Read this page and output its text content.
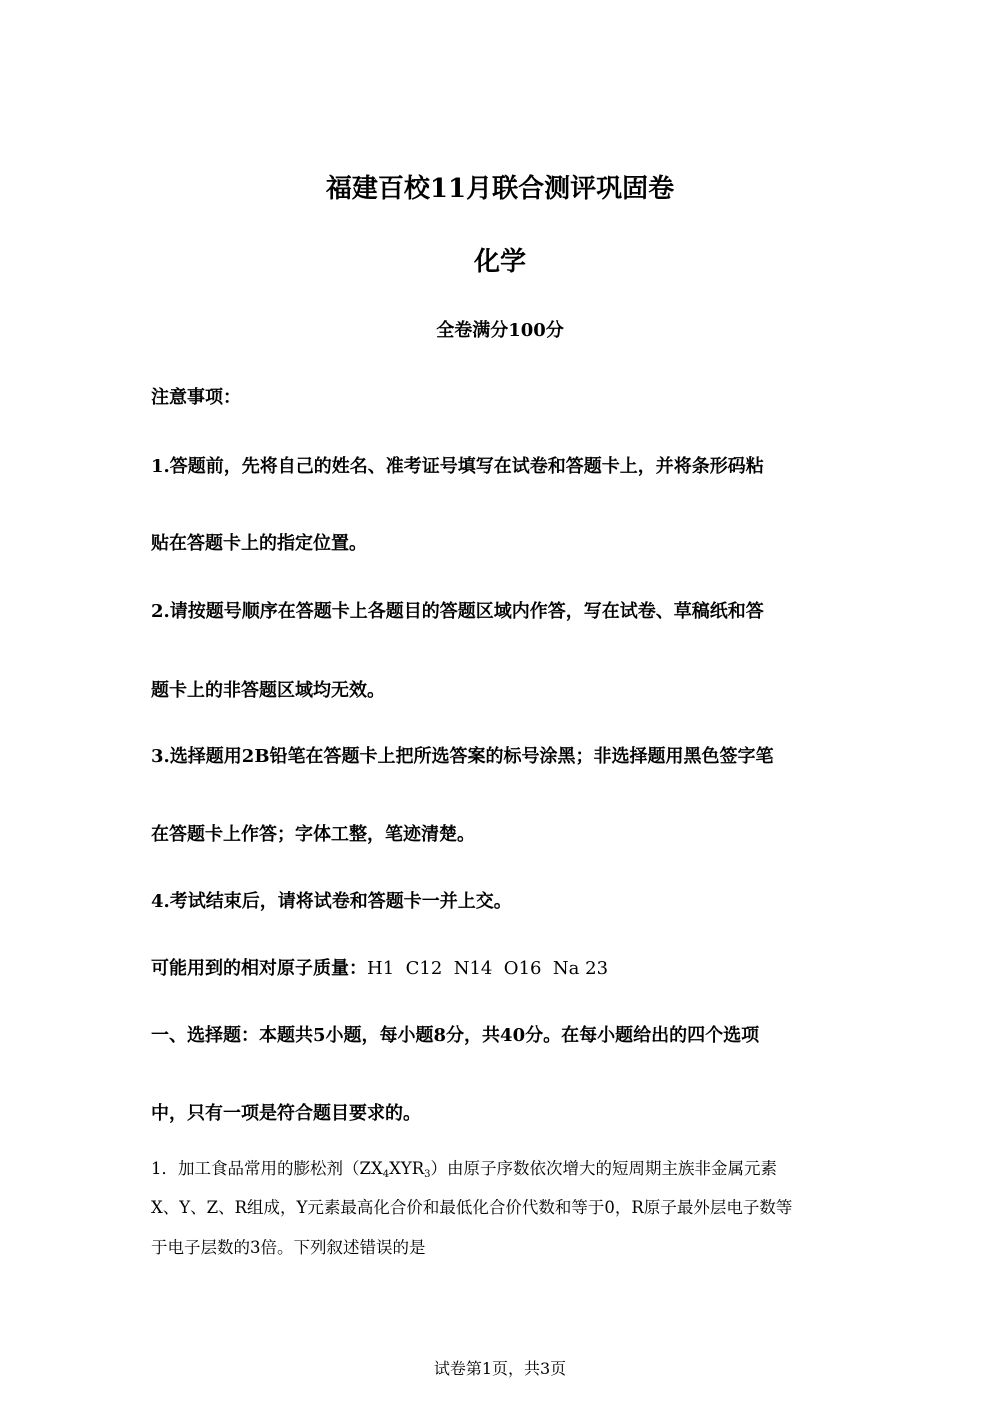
福建百校11月联合测评巩固卷
化学
全卷满分100分
注意事项：
1.答题前，先将自己的姓名、准考证号填写在试卷和答题卡上，并将条形码粘
贴在答题卡上的指定位置。
2.请按题号顺序在答题卡上各题目的答题区域内作答，写在试卷、草稿纸和答
题卡上的非答题区域均无效。
3.选择题用2B铅笔在答题卡上把所选答案的标号涂黑；非选择题用黑色签字笔
在答题卡上作答；字体工整，笔迹清楚。
4.考试结束后，请将试卷和答题卡一并上交。
可能用到的相对原子质量：H1  C12  N14  O16  Na 23
一、选择题：本题共5小题，每小题8分，共40分。在每小题给出的四个选项
中，只有一项是符合题目要求的。
1．加工食品常用的膨松剂$(ZX_4XYR_3)$由原子序数依次增大的短周期主族非金属元素
X、Y、Z、R组成，Y元素最高化合价和最低化合价代数和等于0，R原子最外层电子数等
于电子层数的3倍。下列叙述错误的是
试卷第1页，共3页
